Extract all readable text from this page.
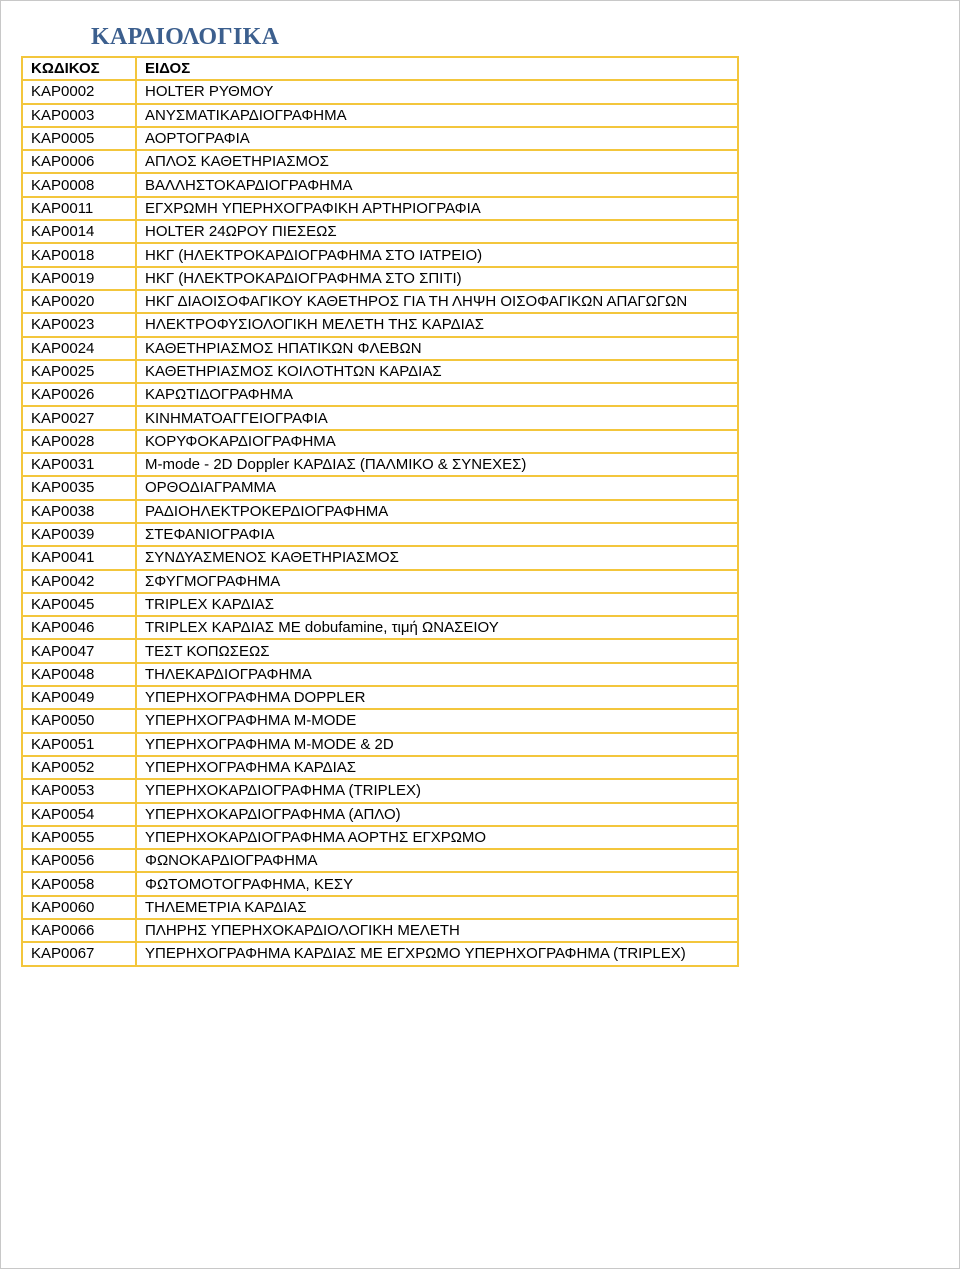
ΚΑΡΔΙΟΛΟΓΙΚΑ
ΚΩΔΙΚΟΣ	ΕΙΔΟΣ
ΚΑΡ0002	HOLTER ΡΥΘΜΟΥ
ΚΑΡ0003	ΑΝΥΣΜΑΤΙΚΑΡΔΙΟΓΡΑΦΗΜΑ
ΚΑΡ0005	ΑΟΡΤΟΓΡΑΦΙΑ
ΚΑΡ0006	ΑΠΛΟΣ ΚΑΘΕΤΗΡΙΑΣΜΟΣ
ΚΑΡ0008	ΒΑΛΛΗΣΤΟΚΑΡΔΙΟΓΡΑΦΗΜΑ
ΚΑΡ0011	ΕΓΧΡΩΜΗ ΥΠΕΡΗΧΟΓΡΑΦΙΚΗ ΑΡΤΗΡΙΟΓΡΑΦΙΑ
ΚΑΡ0014	HOLTER 24ΩΡΟΥ ΠΙΕΣΕΩΣ
ΚΑΡ0018	ΗΚΓ (ΗΛΕΚΤΡΟΚΑΡΔΙΟΓΡΑΦΗΜΑ ΣΤΟ ΙΑΤΡΕΙΟ)
ΚΑΡ0019	ΗΚΓ (ΗΛΕΚΤΡΟΚΑΡΔΙΟΓΡΑΦΗΜΑ ΣΤΟ ΣΠΙΤΙ)
ΚΑΡ0020	ΗΚΓ ΔΙΑΟΙΣΟΦΑΓΙΚΟΥ ΚΑΘΕΤΗΡΟΣ ΓΙΑ ΤΗ ΛΗΨΗ ΟΙΣΟΦΑΓΙΚΩΝ ΑΠΑΓΩΓΩΝ
ΚΑΡ0023	ΗΛΕΚΤΡΟΦΥΣΙΟΛΟΓΙΚΗ ΜΕΛΕΤΗ ΤΗΣ ΚΑΡΔΙΑΣ
ΚΑΡ0024	ΚΑΘΕΤΗΡΙΑΣΜΟΣ ΗΠΑΤΙΚΩΝ ΦΛΕΒΩΝ
ΚΑΡ0025	ΚΑΘΕΤΗΡΙΑΣΜΟΣ ΚΟΙΛΟΤΗΤΩΝ ΚΑΡΔΙΑΣ
ΚΑΡ0026	ΚΑΡΩΤΙΔΟΓΡΑΦΗΜΑ
ΚΑΡ0027	ΚΙΝΗΜΑΤΟΑΓΓΕΙΟΓΡΑΦΙΑ
ΚΑΡ0028	ΚΟΡΥΦΟΚΑΡΔΙΟΓΡΑΦΗΜΑ
ΚΑΡ0031	M-mode - 2D Doppler ΚΑΡΔΙΑΣ (ΠΑΛΜΙΚΟ & ΣΥΝΕΧΕΣ)
ΚΑΡ0035	ΟΡΘΟΔΙΑΓΡΑΜΜΑ
ΚΑΡ0038	ΡΑΔΙΟΗΛΕΚΤΡΟΚΕΡΔΙΟΓΡΑΦΗΜΑ
ΚΑΡ0039	ΣΤΕΦΑΝΙΟΓΡΑΦΙΑ
ΚΑΡ0041	ΣΥΝΔΥΑΣΜΕΝΟΣ ΚΑΘΕΤΗΡΙΑΣΜΟΣ
ΚΑΡ0042	ΣΦΥΓΜΟΓΡΑΦΗΜΑ
ΚΑΡ0045	TRIPLEX ΚΑΡΔΙΑΣ
ΚΑΡ0046	TRIPLEX ΚΑΡΔΙΑΣ ΜΕ dobufamine, τιμή ΩΝΑΣΕΙΟΥ
ΚΑΡ0047	ΤΕΣΤ ΚΟΠΩΣΕΩΣ
ΚΑΡ0048	ΤΗΛΕΚΑΡΔΙΟΓΡΑΦΗΜΑ
ΚΑΡ0049	ΥΠΕΡΗΧΟΓΡΑΦΗΜΑ DOPPLER
ΚΑΡ0050	ΥΠΕΡΗΧΟΓΡΑΦΗΜΑ M-MODE
ΚΑΡ0051	ΥΠΕΡΗΧΟΓΡΑΦΗΜΑ M-MODE & 2D
ΚΑΡ0052	ΥΠΕΡΗΧΟΓΡΑΦΗΜΑ ΚΑΡΔΙΑΣ
ΚΑΡ0053	ΥΠΕΡΗΧΟΚΑΡΔΙΟΓΡΑΦΗΜΑ (TRIPLEX)
ΚΑΡ0054	ΥΠΕΡΗΧΟΚΑΡΔΙΟΓΡΑΦΗΜΑ (ΑΠΛΟ)
ΚΑΡ0055	ΥΠΕΡΗΧΟΚΑΡΔΙΟΓΡΑΦΗΜΑ ΑΟΡΤΗΣ ΕΓΧΡΩΜΟ
ΚΑΡ0056	ΦΩΝΟΚΑΡΔΙΟΓΡΑΦΗΜΑ
ΚΑΡ0058	ΦΩΤΟΜΟΤΟΓΡΑΦΗΜΑ, ΚΕΣΥ
ΚΑΡ0060	ΤΗΛΕΜΕΤΡΙΑ ΚΑΡΔΙΑΣ
ΚΑΡ0066	ΠΛΗΡΗΣ ΥΠΕΡΗΧΟΚΑΡΔΙΟΛΟΓΙΚΗ ΜΕΛΕΤΗ
ΚΑΡ0067	ΥΠΕΡΗΧΟΓΡΑΦΗΜΑ ΚΑΡΔΙΑΣ ΜΕ ΕΓΧΡΩΜΟ ΥΠΕΡΗΧΟΓΡΑΦΗΜΑ (TRIPLEX)
